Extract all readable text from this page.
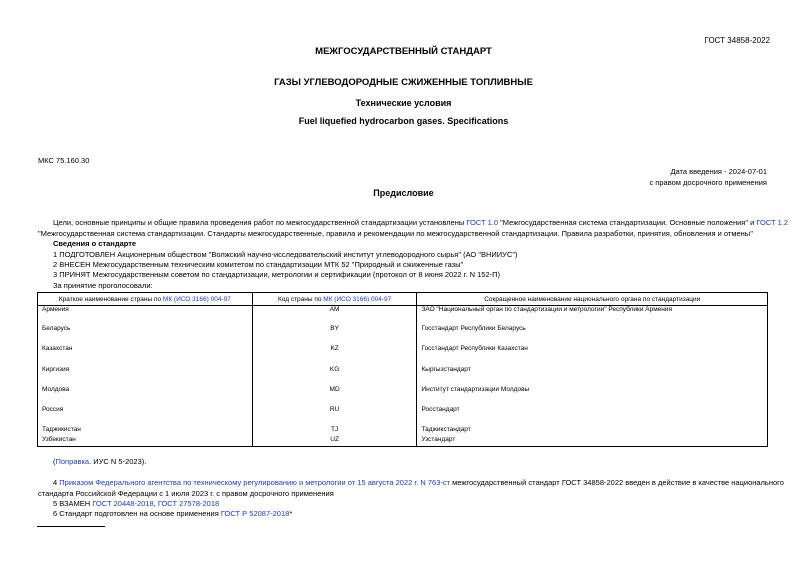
ГОСТ 34858-2022
МЕЖГОСУДАРСТВЕННЫЙ СТАНДАРТ
ГАЗЫ УГЛЕВОДОРОДНЫЕ СЖИЖЕННЫЕ ТОПЛИВНЫЕ
Технические условия
Fuel liquefied hydrocarbon gases. Specifications
МКС 75.160.30
Дата введения - 2024-07-01
с правом досрочного применения
Предисловие
Цели, основные принципы и общие правила проведения работ по межгосударственной стандартизации установлены ГОСТ 1.0 "Межгосударственная система стандартизации. Основные положения" и ГОСТ 1.2
"Межгосударственная система стандартизации. Стандарты межгосударственные, правила и рекомендации по межгосударственной стандартизации. Правила разработки, принятия, обновления и отмены"
Сведения о стандарте
1 ПОДГОТОВЛЕН Акционерным обществом "Волжский научно-исследовательский институт углеводородного сырья" (АО "ВНИИУС")
2 ВНЕСЕН Межгосударственным техническим комитетом по стандартизации МТК 52 "Природный и сжиженные газы"
3 ПРИНЯТ Межгосударственным советом по стандартизации, метрологии и сертификации (протокол от 8 июня 2022 г. N 152-П)
За принятие проголосовали:
Краткое наименование страны по МК (ИСО 3166) 004-97	Код страны по МК (ИСО 3166) 004-97	Сокращенное наименование национального органа по стандартизации
Армения	AM	ЗАО "Национальный орган по стандартизации и метрологии" Республики Армения
Беларусь	BY	Госстандарт Республики Беларусь
Казахстан	KZ	Госстандарт Республики Казахстан
Киргизия	KG	Кыргызстандарт
Молдова	MD	Институт стандартизации Молдовы
Россия	RU	Росстандарт
Таджикистан	TJ	Таджикстандарт
Узбекистан	UZ	Узстандарт
(Поправка. ИУС N 5-2023).
4 Приказом Федерального агентства по техническому регулированию и метрологии от 15 августа 2022 г. N 763-ст межгосударственный стандарт ГОСТ 34858-2022 введен в действие в качестве национального
стандарта Российской Федерации с 1 июля 2023 г. с правом досрочного применения
5 ВЗАМЕН ГОСТ 20448-2018, ГОСТ 27578-2018
6 Стандарт подготовлен на основе применения ГОСТ Р 52087-2018*
